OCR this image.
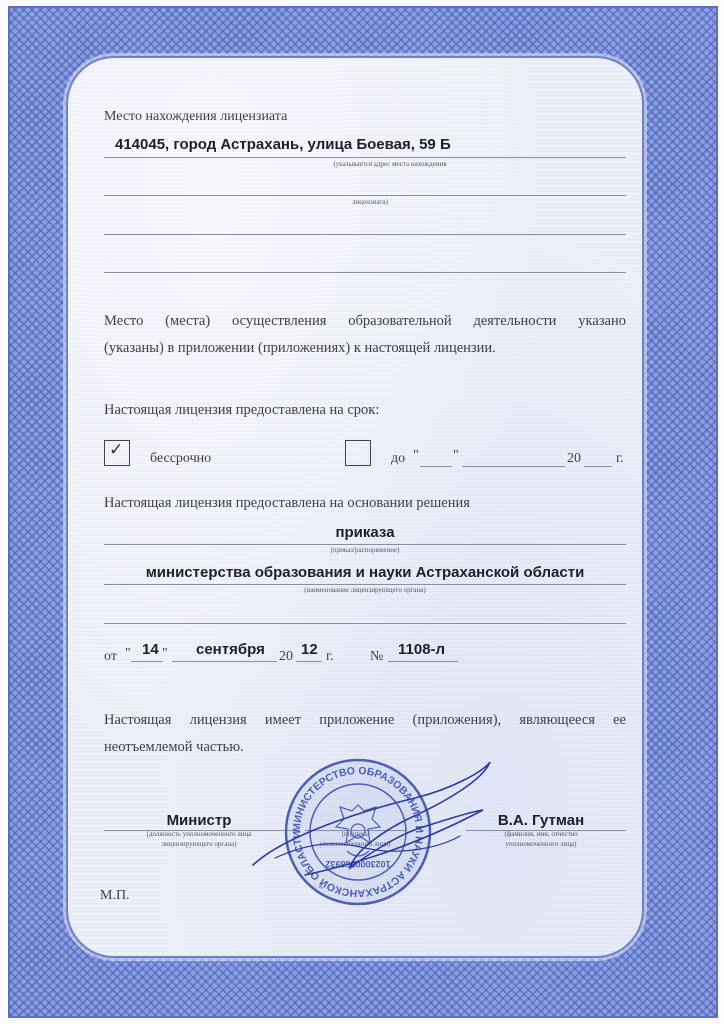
Место нахождения лицензиата
414045, город Астрахань, улица Боевая, 59 Б
(указывается адрес места нахождения
лицензиата)
Место (места) осуществления образовательной деятельности указано
(указаны) в приложении (приложениях) к настоящей лицензии.
Настоящая лицензия предоставлена на срок:
✓ бессрочно	до " "	20	г.
Настоящая лицензия предоставлена на основании решения
приказа
(приказ/распоряжение)
министерства образования и науки Астраханской области
(наименование лицензирующего органа)
от " 14 " сентября 20 12 г.	№ 1108-л
Настоящая лицензия имеет приложение (приложения), являющееся ее
неотъемлемой частью.
Министр
(должность уполномоченного лица
лицензирующего органа)
В.А. Гутман
(фамилия, имя, отчество
уполномоченного лица)
М.П.
МИНИСТЕРСТВО ОБРАЗОВАНИЯ И НАУКИ АСТРАХАНСКОЙ ОБЛАСТИ
1023000868932
